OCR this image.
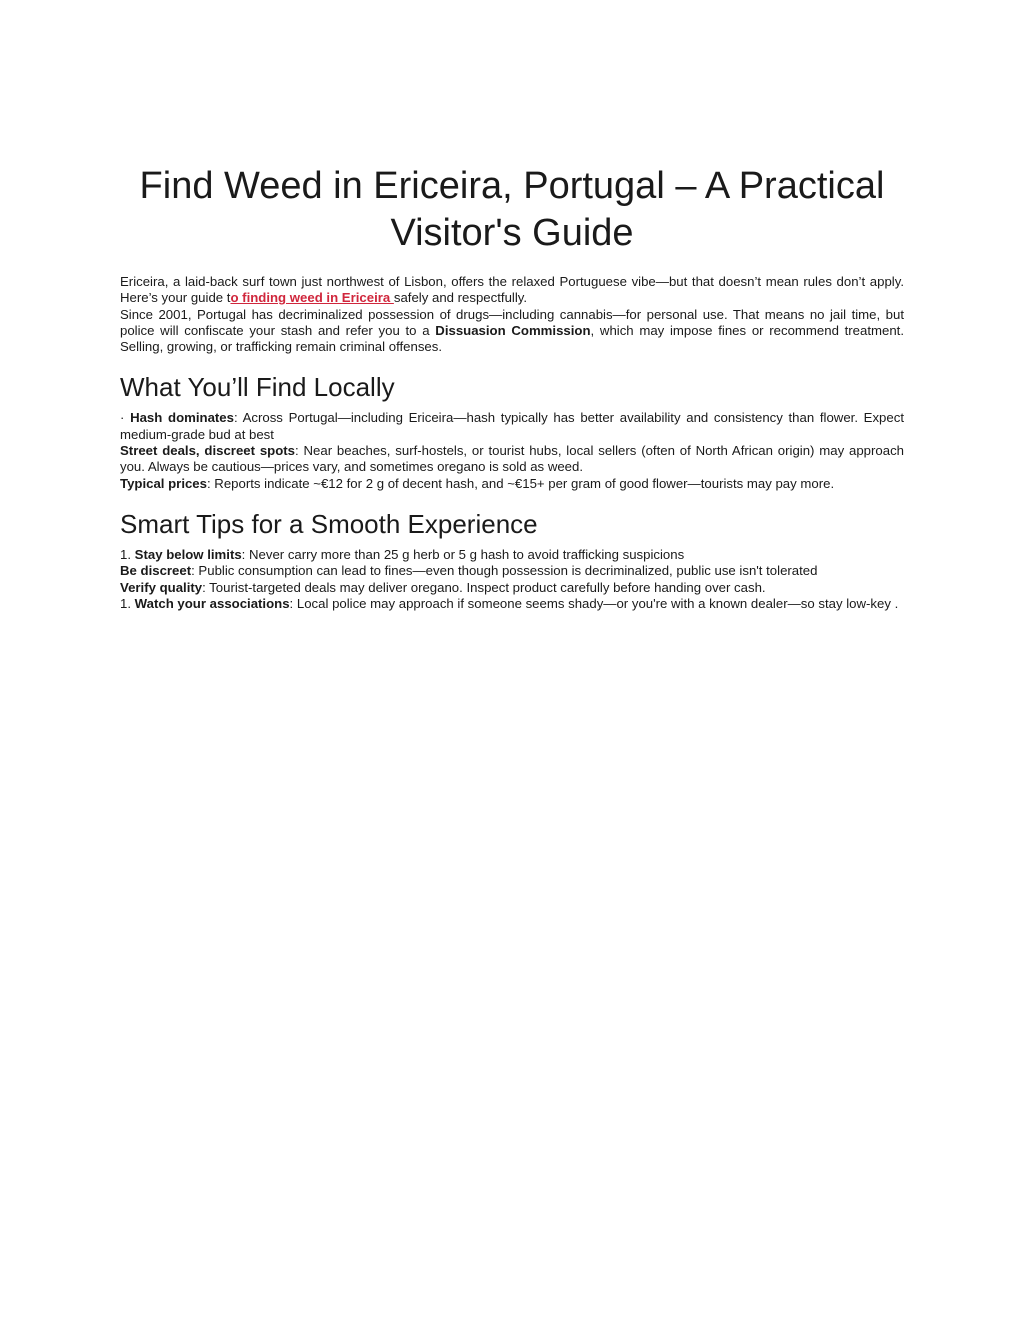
Find Weed in Ericeira, Portugal – A Practical Visitor's Guide

Ericeira, a laid-back surf town just northwest of Lisbon, offers the relaxed Portuguese vibe—but that doesn’t mean rules don’t apply. Here’s your guide to finding weed in Ericeira safely and respectfully.

Since 2001, Portugal has decriminalized possession of drugs—including cannabis—for personal use. That means no jail time, but police will confiscate your stash and refer you to a Dissuasion Commission, which may impose fines or recommend treatment. Selling, growing, or trafficking remain criminal offenses.

What You’ll Find Locally

· Hash dominates: Across Portugal—including Ericeira—hash typically has better availability and consistency than flower. Expect medium-grade bud at best

Street deals, discreet spots: Near beaches, surf-hostels, or tourist hubs, local sellers (often of North African origin) may approach you. Always be cautious—prices vary, and sometimes oregano is sold as weed.

Typical prices: Reports indicate ~€12 for 2 g of decent hash, and ~€15+ per gram of good flower—tourists may pay more.

Smart Tips for a Smooth Experience

1. Stay below limits: Never carry more than 25 g herb or 5 g hash to avoid trafficking suspicions

Be discreet: Public consumption can lead to fines—even though possession is decriminalized, public use isn't tolerated

Verify quality: Tourist-targeted deals may deliver oregano. Inspect product carefully before handing over cash.

1. Watch your associations: Local police may approach if someone seems shady—or you're with a known dealer—so stay low-key .
